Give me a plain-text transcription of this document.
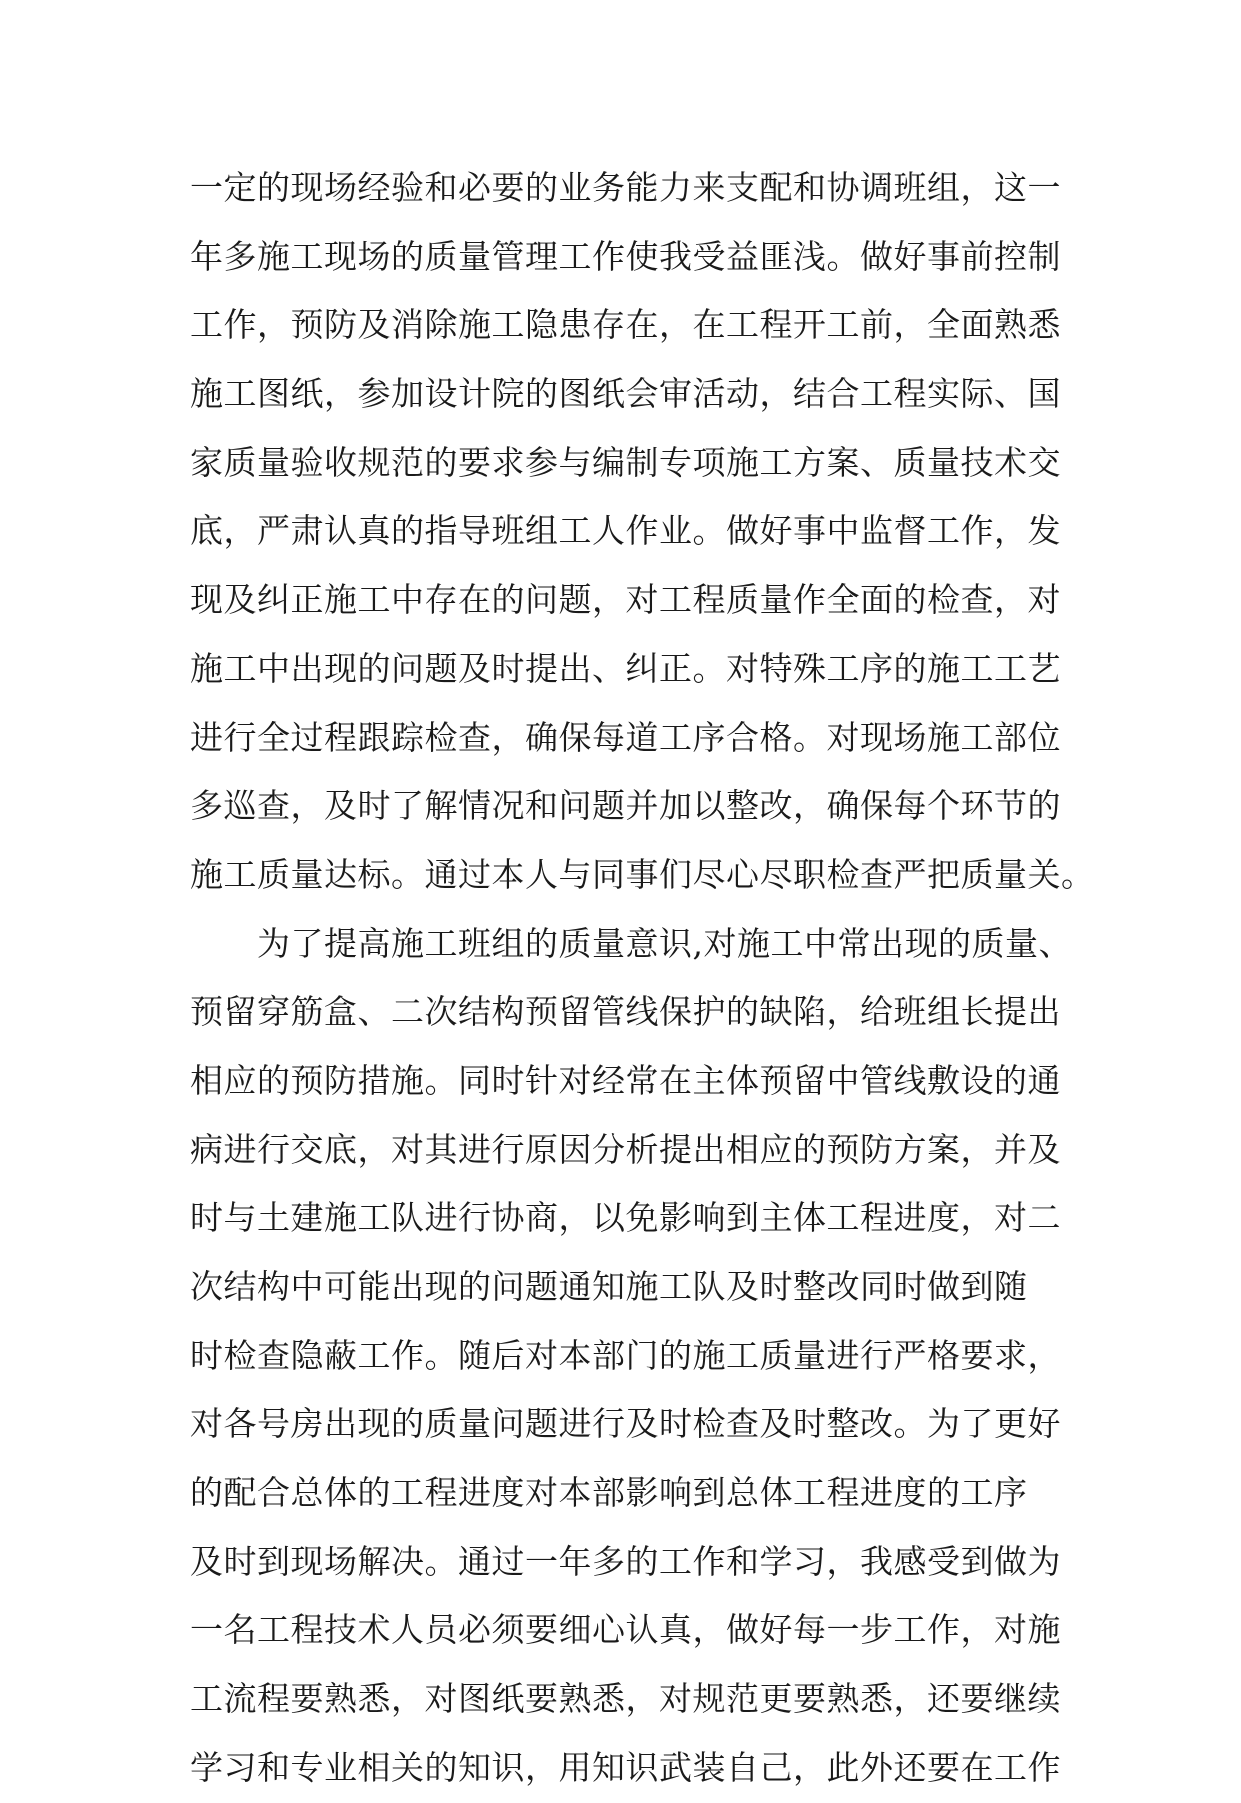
一定的现场经验和必要的业务能力来支配和协调班组，这一
年多施工现场的质量管理工作使我受益匪浅。做好事前控制
工作，预防及消除施工隐患存在，在工程开工前，全面熟悉
施工图纸，参加设计院的图纸会审活动，结合工程实际、国
家质量验收规范的要求参与编制专项施工方案、质量技术交
底，严肃认真的指导班组工人作业。做好事中监督工作，发
现及纠正施工中存在的问题，对工程质量作全面的检查，对
施工中出现的问题及时提出、纠正。对特殊工序的施工工艺
进行全过程跟踪检查，确保每道工序合格。对现场施工部位
多巡查，及时了解情况和问题并加以整改，确保每个环节的
施工质量达标。通过本人与同事们尽心尽职检查严把质量关。
　　为了提高施工班组的质量意识,对施工中常出现的质量、
预留穿筋盒、二次结构预留管线保护的缺陷，给班组长提出
相应的预防措施。同时针对经常在主体预留中管线敷设的通
病进行交底，对其进行原因分析提出相应的预防方案，并及
时与土建施工队进行协商，以免影响到主体工程进度，对二
次结构中可能出现的问题通知施工队及时整改同时做到随
时检查隐蔽工作。随后对本部门的施工质量进行严格要求，
对各号房出现的质量问题进行及时检查及时整改。为了更好
的配合总体的工程进度对本部影响到总体工程进度的工序
及时到现场解决。通过一年多的工作和学习，我感受到做为
一名工程技术人员必须要细心认真，做好每一步工作，对施
工流程要熟悉，对图纸要熟悉，对规范更要熟悉，还要继续
学习和专业相关的知识，用知识武装自己，此外还要在工作
